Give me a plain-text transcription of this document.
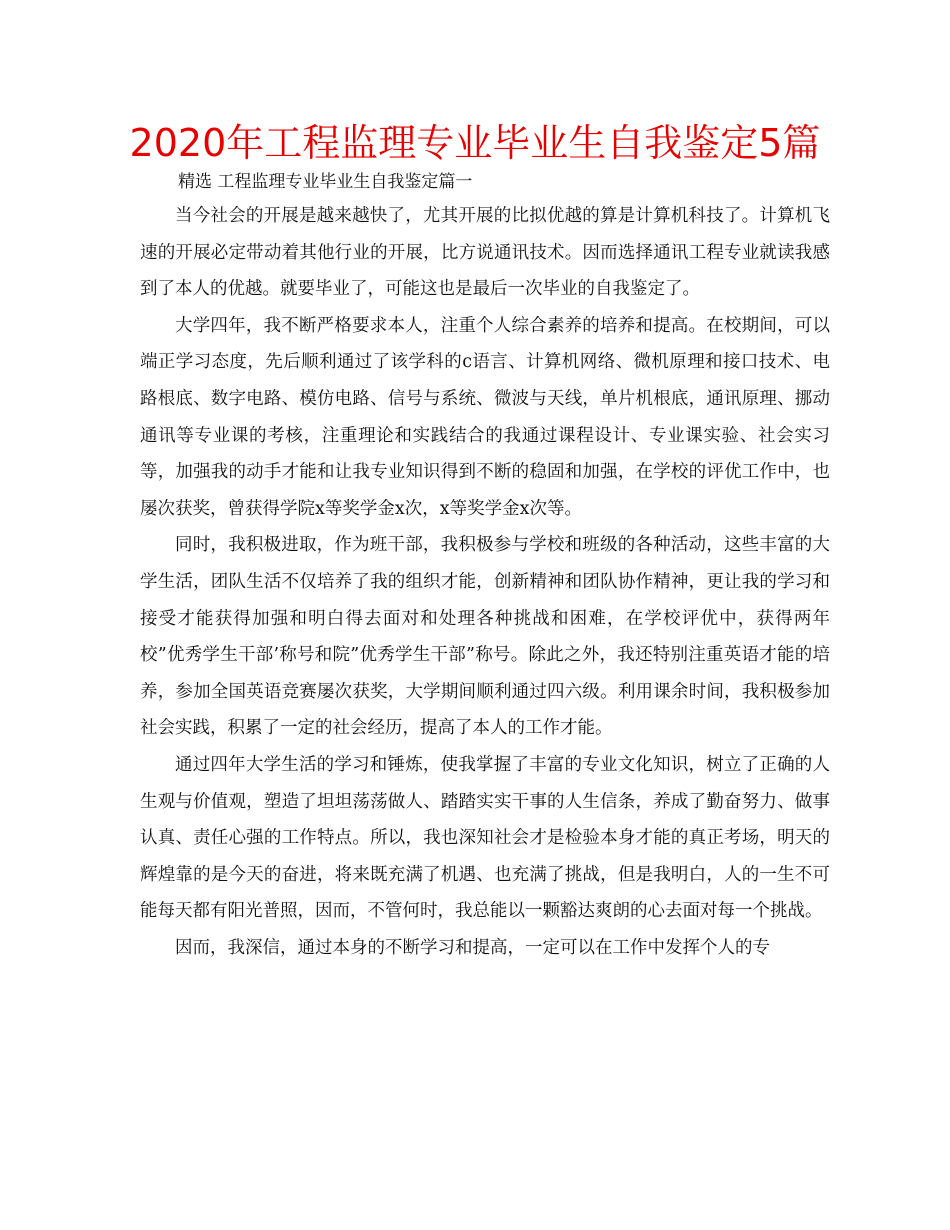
2020年工程监理专业毕业生自我鉴定5篇
精选 工程监理专业毕业生自我鉴定篇一

当今社会的开展是越来越快了，尤其开展的比拟优越的算是计算机科技了。计算机飞速的开展必定带动着其他行业的开展，比方说通讯技术。因而选择通讯工程专业就读我感到了本人的优越。就要毕业了，可能这也是最后一次毕业的自我鉴定了。

大学四年，我不断严格要求本人，注重个人综合素养的培养和提高。在校期间，可以端正学习态度，先后顺利通过了该学科的c语言、计算机网络、微机原理和接口技术、电路根底、数字电路、模仿电路、信号与系统、微波与天线，单片机根底，通讯原理、挪动通讯等专业课的考核，注重理论和实践结合的我通过课程设计、专业课实验、社会实习等，加强我的动手才能和让我专业知识得到不断的稳固和加强，在学校的评优工作中，也屡次获奖，曾获得学院x等奖学金x次，x等奖学金x次等。

同时，我积极进取，作为班干部，我积极参与学校和班级的各种活动，这些丰富的大学生活，团队生活不仅培养了我的组织才能，创新精神和团队协作精神，更让我的学习和接受才能获得加强和明白得去面对和处理各种挑战和困难，在学校评优中，获得两年校”优秀学生干部’称号和院”优秀学生干部”称号。除此之外，我还特别注重英语才能的培养，参加全国英语竞赛屡次获奖，大学期间顺利通过四六级。利用课余时间，我积极参加社会实践，积累了一定的社会经历，提高了本人的工作才能。

通过四年大学生活的学习和锤炼，使我掌握了丰富的专业文化知识，树立了正确的人生观与价值观，塑造了坦坦荡荡做人、踏踏实实干事的人生信条，养成了勤奋努力、做事认真、责任心强的工作特点。所以，我也深知社会才是检验本身才能的真正考场，明天的辉煌靠的是今天的奋进，将来既充满了机遇、也充满了挑战，但是我明白，人的一生不可能每天都有阳光普照，因而，不管何时，我总能以一颗豁达爽朗的心去面对每一个挑战。

因而，我深信，通过本身的不断学习和提高，一定可以在工作中发挥个人的专
